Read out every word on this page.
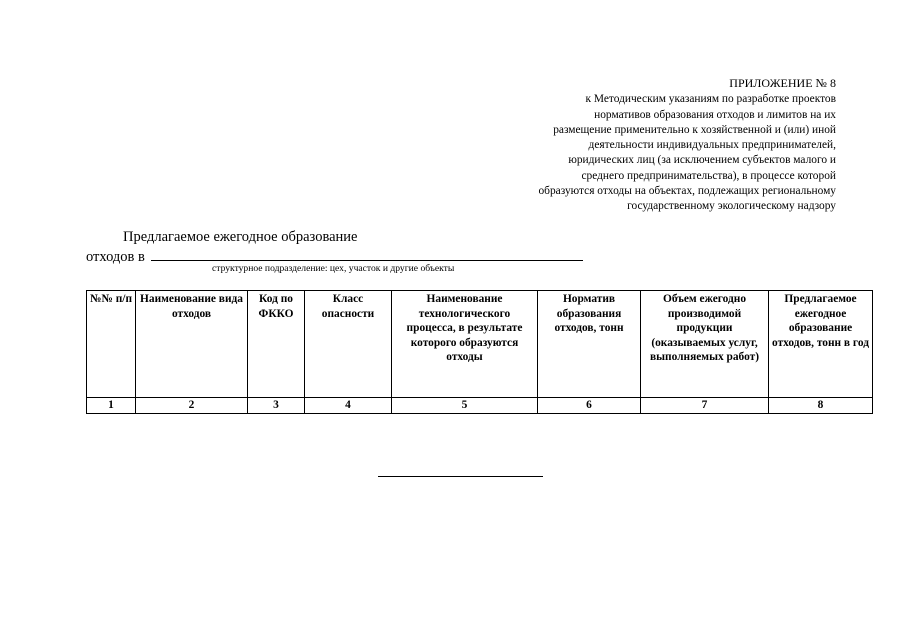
ПРИЛОЖЕНИЕ № 8
к Методическим указаниям по разработке проектов
нормативов образования отходов и лимитов на их
размещение применительно к хозяйственной и (или) иной
деятельности индивидуальных предпринимателей,
юридических лиц (за исключением субъектов малого и
среднего предпринимательства), в процессе которой
образуются отходы на объектах, подлежащих региональному
государственному экологическому надзору
Предлагаемое ежегодное образование
отходов в
структурное подразделение: цех, участок и другие объекты
№№ п/п	Наименование вида отходов	Код по ФККО	Класс опасности	Наименование технологического процесса, в результате которого образуются отходы	Норматив образования отходов, тонн	Объем ежегодно производимой продукции (оказываемых услуг, выполняемых работ)	Предлагаемое ежегодное образование отходов, тонн в год
1	2	3	4	5	6	7	8
